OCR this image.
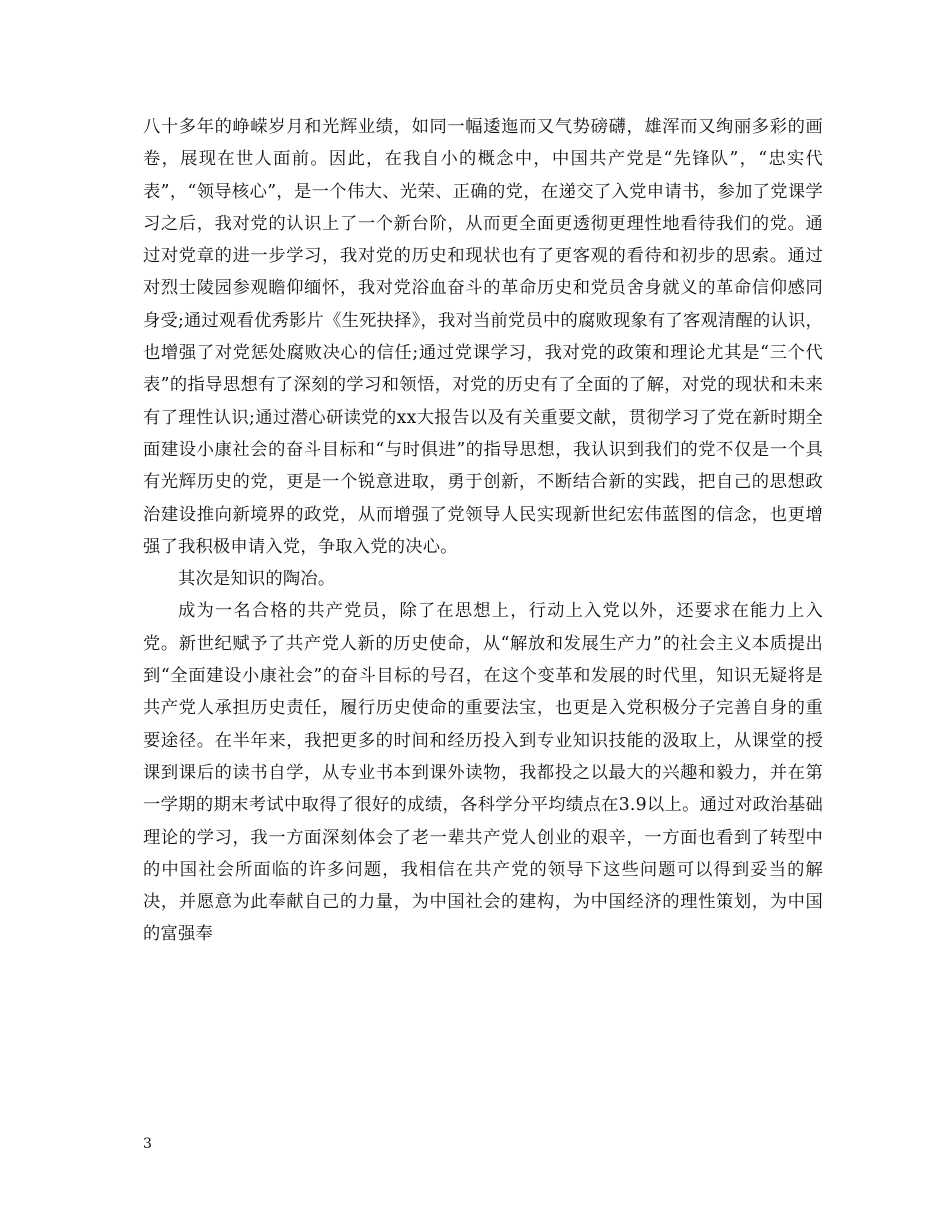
八十多年的峥嵘岁月和光辉业绩，如同一幅逶迤而又气势磅礴，雄浑而又绚丽多彩的画卷，展现在世人面前。因此，在我自小的概念中，中国共产党是“先锋队”，“忠实代表”，“领导核心”，是一个伟大、光荣、正确的党，在递交了入党申请书，参加了党课学习之后，我对党的认识上了一个新台阶，从而更全面更透彻更理性地看待我们的党。通过对党章的进一步学习，我对党的历史和现状也有了更客观的看待和初步的思索。通过对烈士陵园参观瞻仰缅怀，我对党浴血奋斗的革命历史和党员舍身就义的革命信仰感同身受;通过观看优秀影片《生死抉择》，我对当前党员中的腐败现象有了客观清醒的认识，也增强了对党惩处腐败决心的信任;通过党课学习，我对党的政策和理论尤其是“三个代表”的指导思想有了深刻的学习和领悟，对党的历史有了全面的了解，对党的现状和未来有了理性认识;通过潜心研读党的xx大报告以及有关重要文献，贯彻学习了党在新时期全面建设小康社会的奋斗目标和“与时俱进”的指导思想，我认识到我们的党不仅是一个具有光辉历史的党，更是一个锐意进取，勇于创新，不断结合新的实践，把自己的思想政治建设推向新境界的政党，从而增强了党领导人民实现新世纪宏伟蓝图的信念，也更增强了我积极申请入党，争取入党的决心。

其次是知识的陶冶。

成为一名合格的共产党员，除了在思想上，行动上入党以外，还要求在能力上入党。新世纪赋予了共产党人新的历史使命，从“解放和发展生产力”的社会主义本质提出到“全面建设小康社会”的奋斗目标的号召，在这个变革和发展的时代里，知识无疑将是共产党人承担历史责任，履行历史使命的重要法宝，也更是入党积极分子完善自身的重要途径。在半年来，我把更多的时间和经历投入到专业知识技能的汲取上，从课堂的授课到课后的读书自学，从专业书本到课外读物，我都投之以最大的兴趣和毅力，并在第一学期的期末考试中取得了很好的成绩，各科学分平均绩点在3.9以上。通过对政治基础理论的学习，我一方面深刻体会了老一辈共产党人创业的艰辛，一方面也看到了转型中的中国社会所面临的许多问题，我相信在共产党的领导下这些问题可以得到妥当的解决，并愿意为此奉献自己的力量，为中国社会的建构，为中国经济的理性策划，为中国的富强奉

3
